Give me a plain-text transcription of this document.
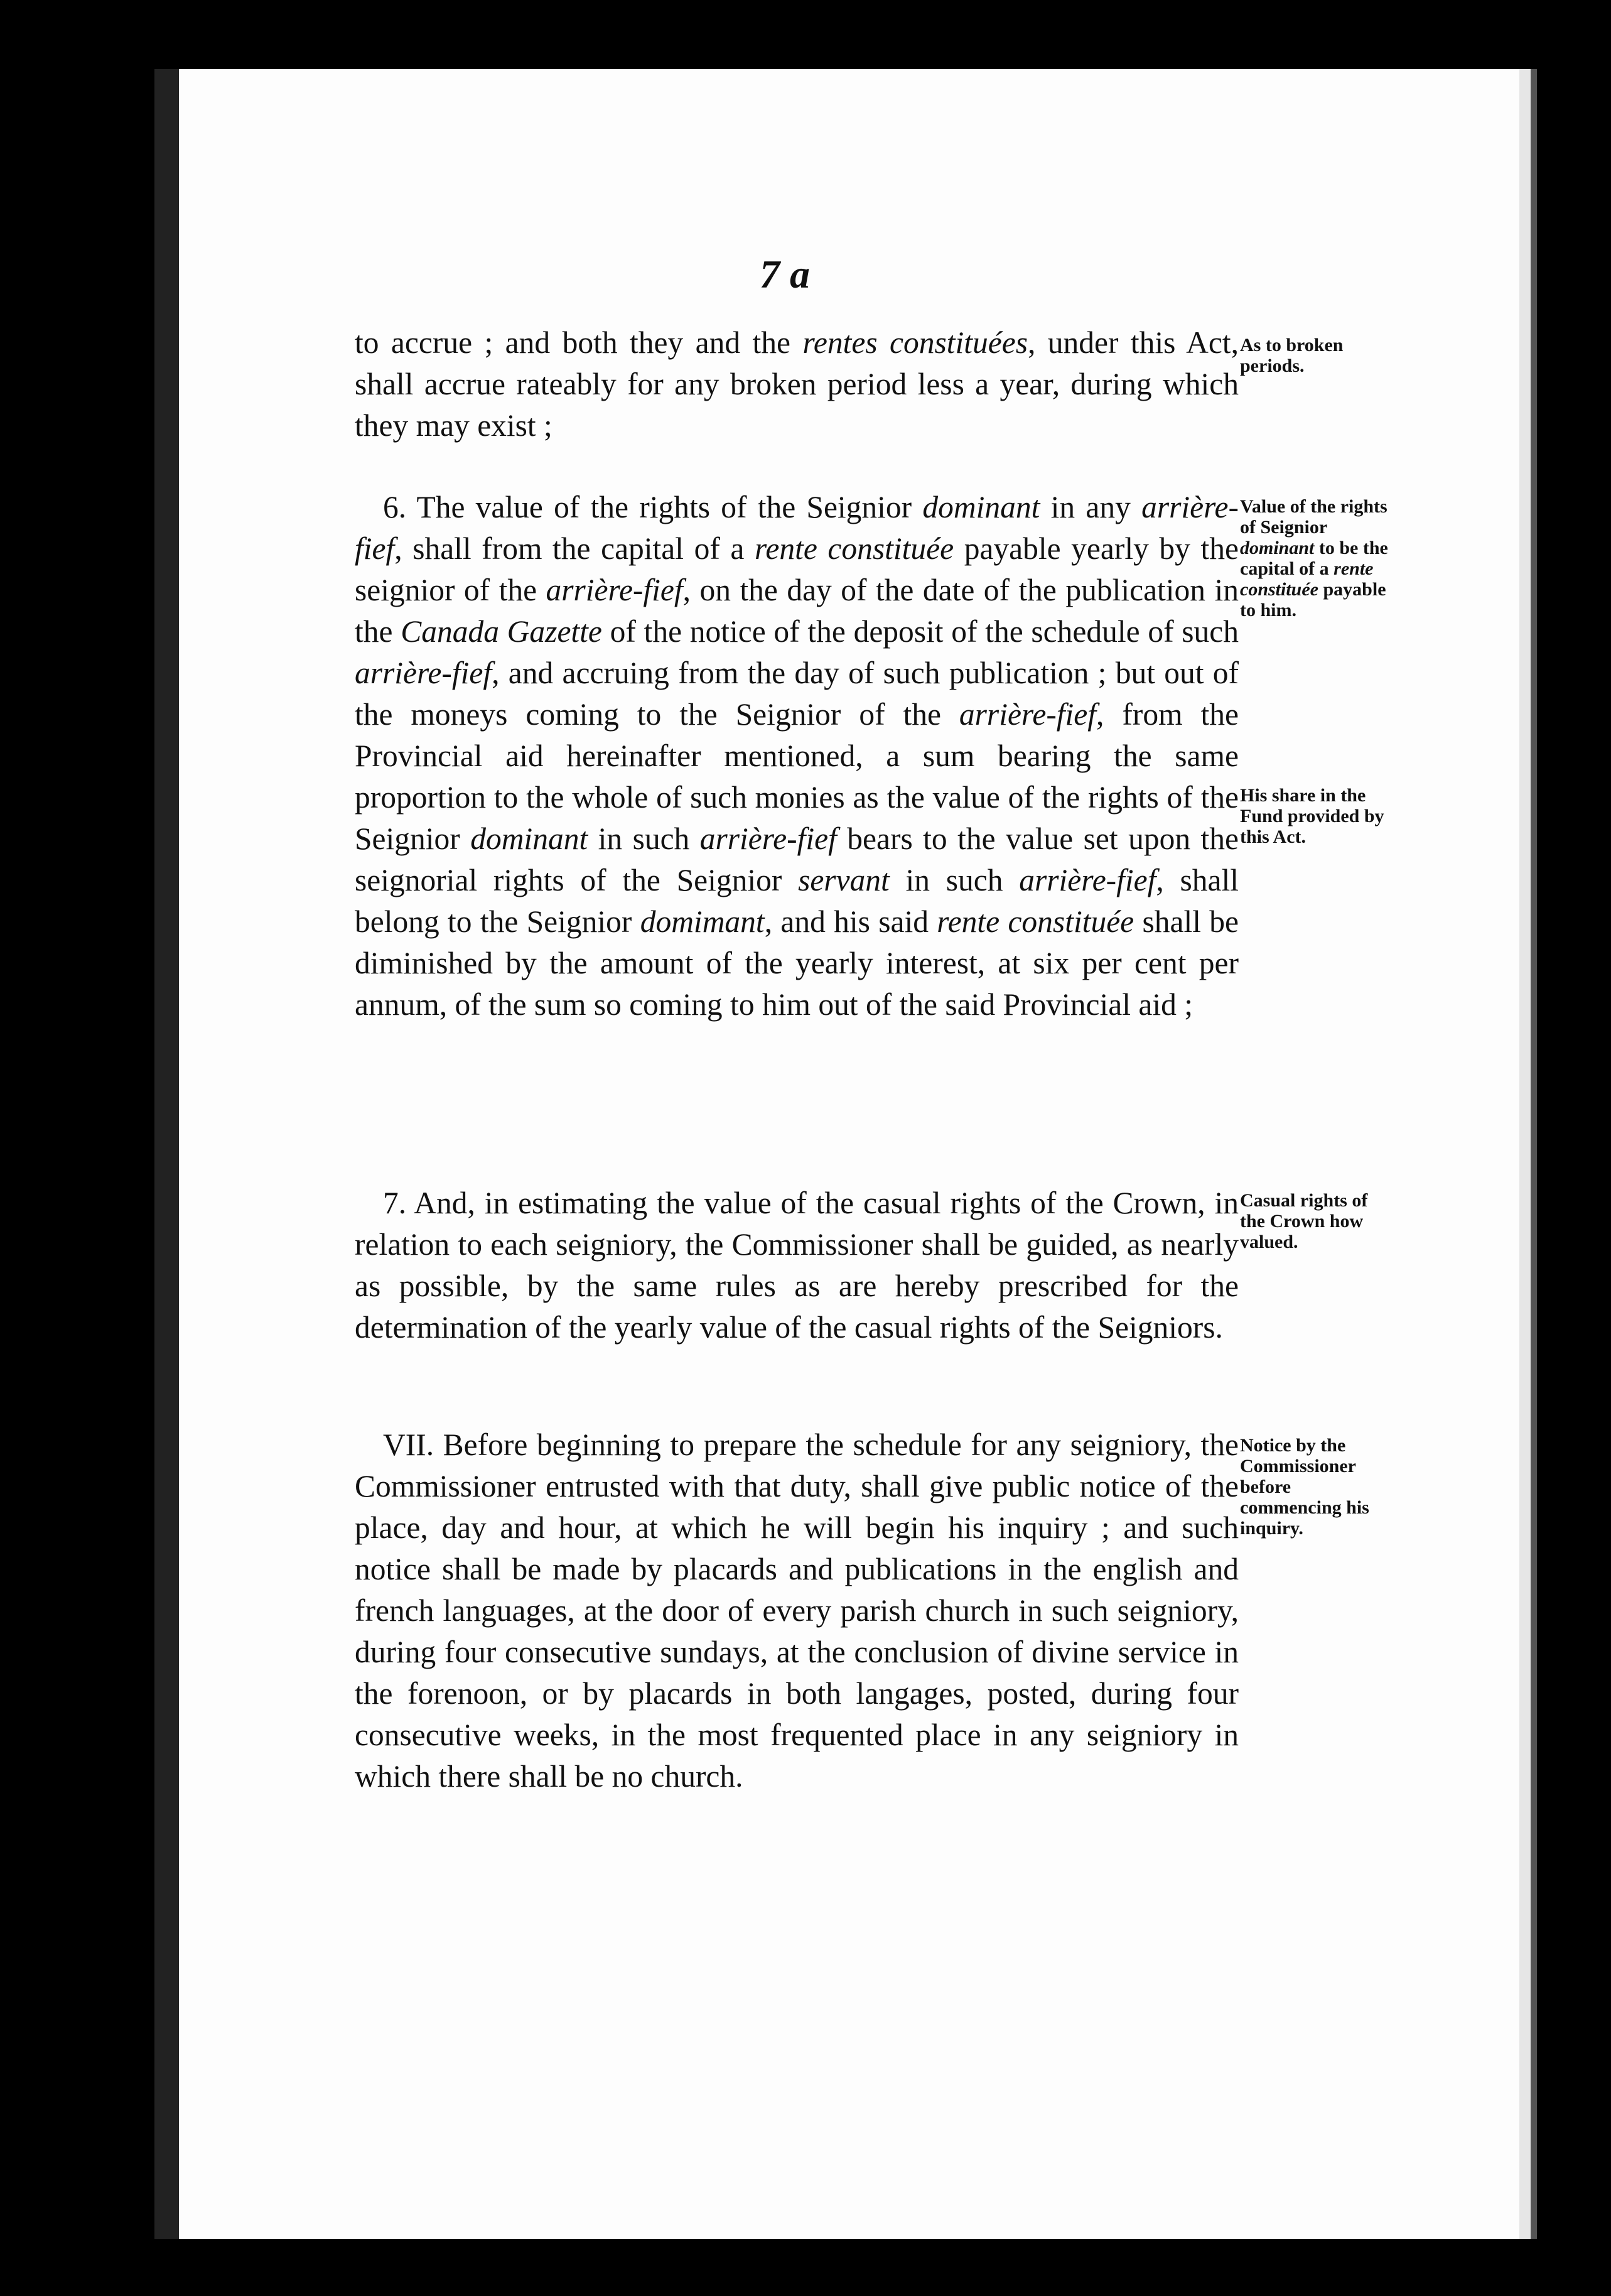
7 a
to accrue ; and both they and the rentes constituées, under this Act, shall accrue rateably for any broken period less a year, during which they may exist ;
6. The value of the rights of the Seignior dominant in any arrière-fief, shall from the capital of a rente constituée payable yearly by the seignior of the arrière-fief, on the day of the date of the publication in the Canada Gazette of the notice of the deposit of the schedule of such arrière-fief, and accruing from the day of such publication ; but out of the moneys coming to the Seignior of the arrière-fief, from the Provincial aid hereinafter mentioned, a sum bearing the same proportion to the whole of such monies as the value of the rights of the Seignior dominant in such arrière-fief bears to the value set upon the seignorial rights of the Seignior servant in such arrière-fief, shall belong to the Seignior domimant, and his said rente constituée shall be diminished by the amount of the yearly interest, at six per cent per annum, of the sum so coming to him out of the said Provincial aid ;
7. And, in estimating the value of the casual rights of the Crown, in relation to each seigniory, the Commissioner shall be guided, as nearly as possible, by the same rules as are hereby prescribed for the determination of the yearly value of the casual rights of the Seigniors.
VII. Before beginning to prepare the schedule for any seigniory, the Commissioner entrusted with that duty, shall give public notice of the place, day and hour, at which he will begin his inquiry ; and such notice shall be made by placards and publications in the english and french languages, at the door of every parish church in such seigniory, during four consecutive sundays, at the conclusion of divine service in the forenoon, or by placards in both langages, posted, during four consecutive weeks, in the most frequented place in any seigniory in which there shall be no church.
As to broken periods.
Value of the rights of Seignior dominant to be the capital of a rente constituée payable to him.
His share in the Fund provided by this Act.
Casual rights of the Crown how valued.
Notice by the Commissioner before commencing his inquiry.
